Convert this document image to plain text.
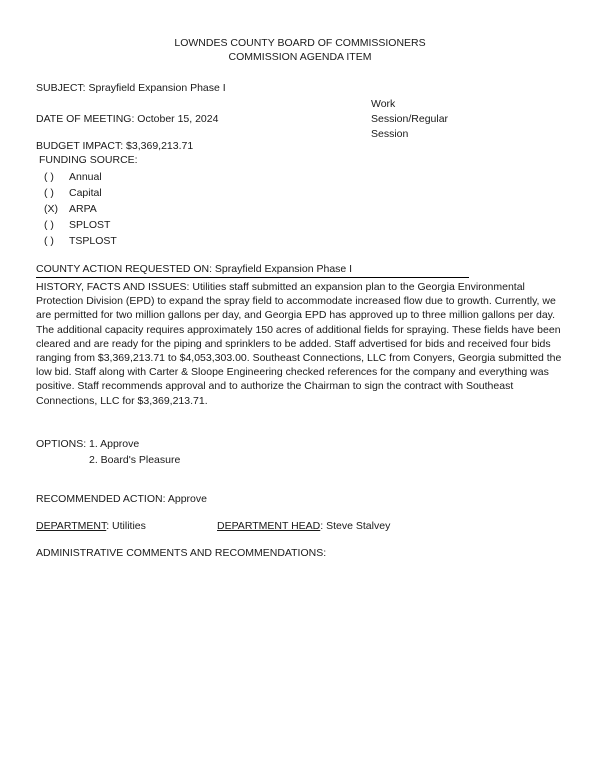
LOWNDES COUNTY BOARD OF COMMISSIONERS
COMMISSION AGENDA ITEM
SUBJECT: Sprayfield Expansion Phase I
Work Session/Regular Session
DATE OF MEETING: October 15, 2024
BUDGET IMPACT: $3,369,213.71
FUNDING SOURCE:
( ) Annual
( ) Capital
(X) ARPA
( ) SPLOST
( ) TSPLOST
COUNTY ACTION REQUESTED ON: Sprayfield Expansion Phase I
HISTORY, FACTS AND ISSUES: Utilities staff submitted an expansion plan to the Georgia Environmental Protection Division (EPD) to expand the spray field to accommodate increased flow due to growth. Currently, we are permitted for two million gallons per day, and Georgia EPD has approved up to three million gallons per day. The additional capacity requires approximately 150 acres of additional fields for spraying. These fields have been cleared and are ready for the piping and sprinklers to be added. Staff advertised for bids and received four bids ranging from $3,369,213.71 to $4,053,303.00. Southeast Connections, LLC from Conyers, Georgia submitted the low bid. Staff along with Carter & Sloope Engineering checked references for the company and everything was positive. Staff recommends approval and to authorize the Chairman to sign the contract with Southeast Connections, LLC for $3,369,213.71.
OPTIONS: 1. Approve
2. Board's Pleasure
RECOMMENDED ACTION: Approve
DEPARTMENT: Utilities	DEPARTMENT HEAD: Steve Stalvey
ADMINISTRATIVE COMMENTS AND RECOMMENDATIONS:
